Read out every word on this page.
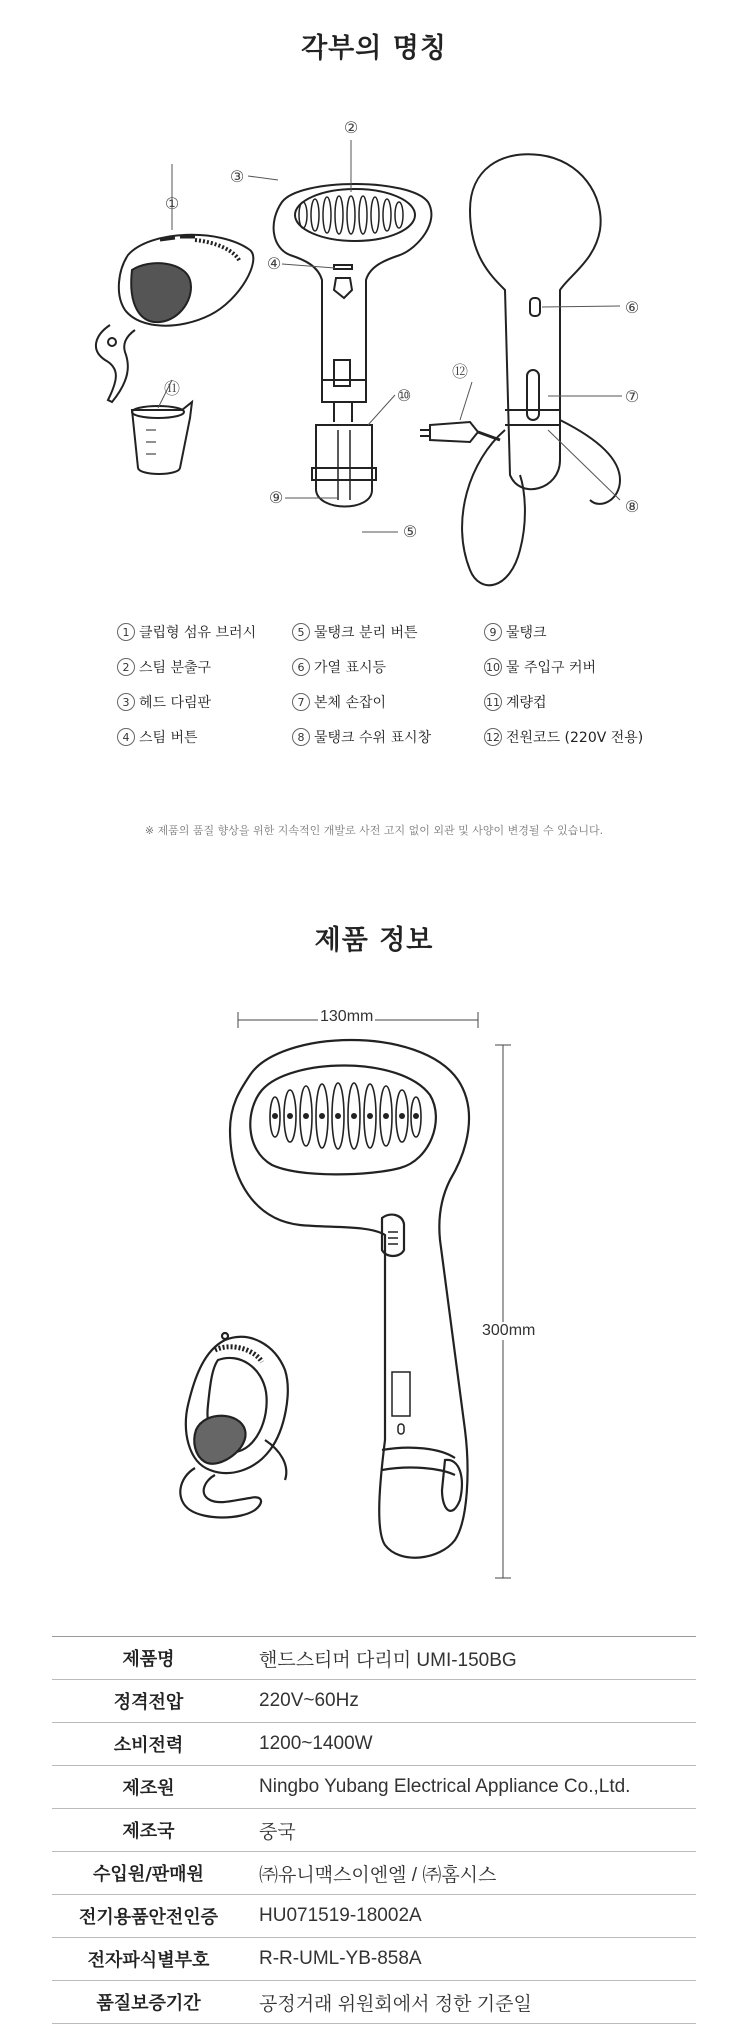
각부의 명칭
①
②
③
④
⑤
⑥
⑦
⑧
⑨
⑩
⑪
⑫
1 클립형 섬유 브러시	5 물탱크 분리 버튼	9 물탱크
2 스팀 분출구	6 가열 표시등	10 물 주입구 커버
3 헤드 다림판	7 본체 손잡이	11 계량컵
4 스팀 버튼	8 물탱크 수위 표시창	12 전원코드 (220V 전용)
※ 제품의 품질 향상을 위한 지속적인 개발로 사전 고지 없이 외관 및 사양이 변경될 수 있습니다.
제품 정보
130mm
300mm
제품명	핸드스티머 다리미 UMI-150BG
정격전압	220V~60Hz
소비전력	1200~1400W
제조원	Ningbo Yubang Electrical Appliance Co.,Ltd.
제조국	중국
수입원/판매원	㈜유니맥스이엔엘 / ㈜홈시스
전기용품안전인증	HU071519-18002A
전자파식별부호	R-R-UML-YB-858A
품질보증기간	공정거래 위원회에서 정한 기준일
